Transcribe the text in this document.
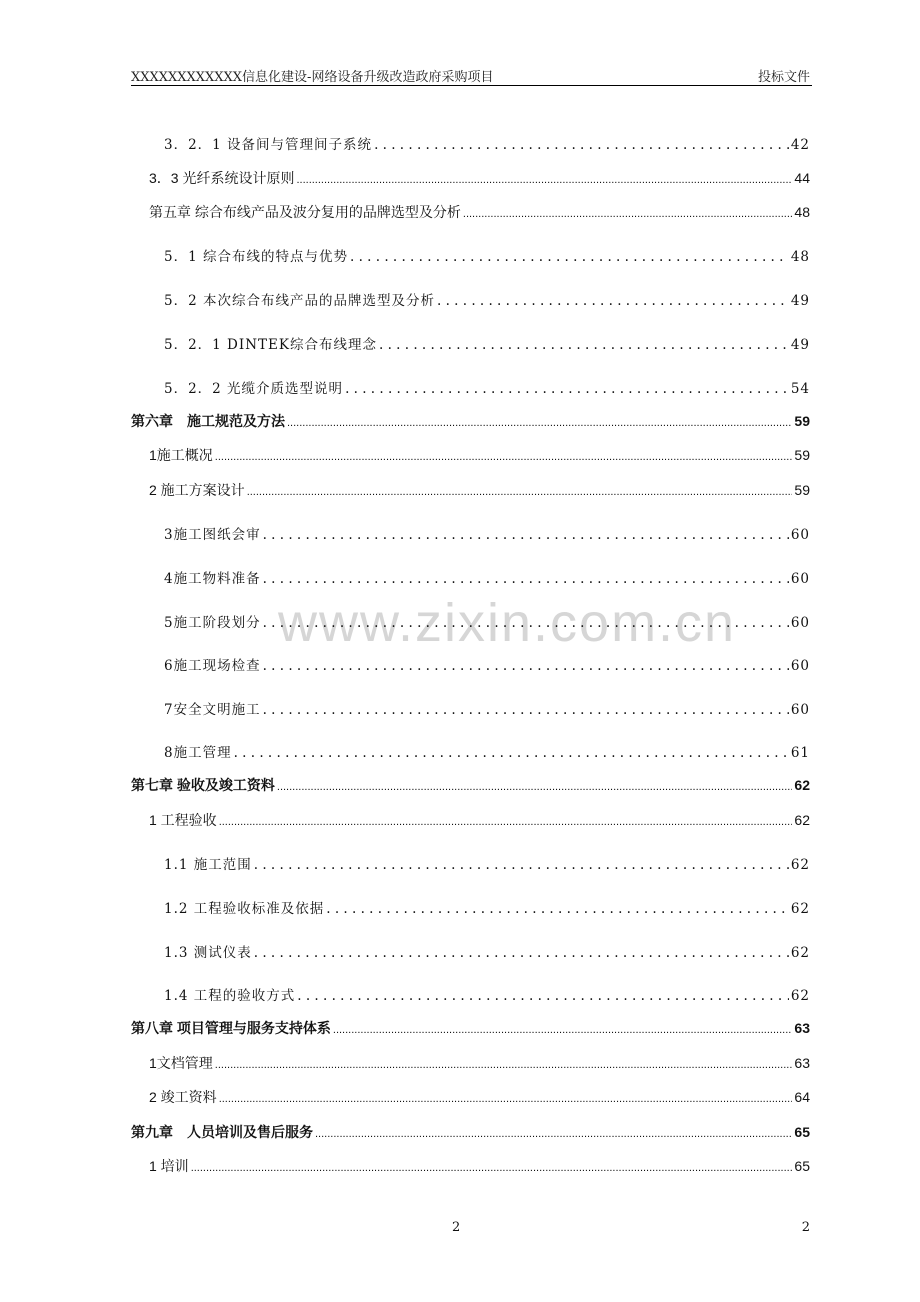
XXXXXXXXXXXX信息化建设-网络设备升级改造政府采购项目	投标文件
www.zixin.com.cn
3．2．1 设备间与管理间子系统 . . .	42
3．3 光纤系统设计原则 .....	44
第五章 综合布线产品及波分复用的品牌选型及分析 .....	48
5．1 综合布线的特点与优势 . . .	48
5．2 本次综合布线产品的品牌选型及分析 . . .	49
5．2．1 DINTEK综合布线理念 . . .	49
5．2．2 光缆介质选型说明 . . .	54
第六章　施工规范及方法 .....	59
1施工概况 .....	59
2 施工方案设计 .....	59
3施工图纸会审 . . .	60
4施工物料准备 . . .	60
5施工阶段划分 . . .	60
6施工现场检查 . . .	60
7安全文明施工 . . .	60
8施工管理 . . .	61
第七章 验收及竣工资料 .....	62
1 工程验收 .....	62
1.1 施工范围 . . .	62
1.2 工程验收标准及依据 . . .	62
1.3 测试仪表 . . .	62
1.4 工程的验收方式 . . .	62
第八章 项目管理与服务支持体系 .....	63
1文档管理 .....	63
2 竣工资料 .....	64
第九章　人员培训及售后服务 .....	65
1 培训 .....	65
2	2
